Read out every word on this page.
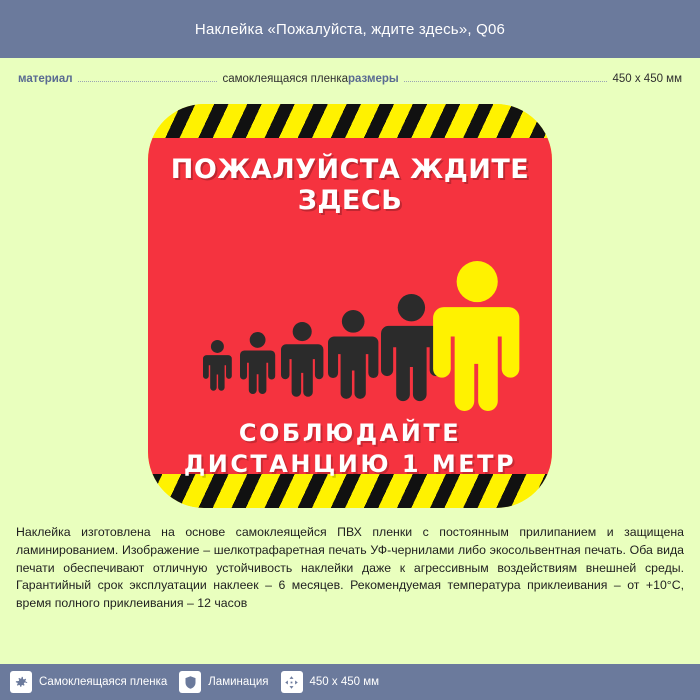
Наклейка «Пожалуйста, ждите здесь», Q06
материал	самоклеящаяся пленка размеры	450 x 450 мм
ПОЖАЛУЙСТА ЖДИТЕ ЗДЕСЬ
СОБЛЮДАЙТЕ
ДИСТАНЦИЮ 1 МЕТР
Наклейка изготовлена на основе самоклеящейся ПВХ пленки с постоянным прилипанием и защищена ламинированием. Изображение – шелкотрафаретная печать УФ-чернилами либо экосольвентная печать. Оба вида печати обеспечивают отличную устойчивость наклейки даже к агрессивным воздействиям внешней среды. Гарантийный срок эксплуатации наклеек – 6 месяцев. Рекомендуемая температура приклеивания – от +10°C, время полного приклеивания – 12 часов
Самоклеящаяся пленка	Ламинация	450 x 450 мм
